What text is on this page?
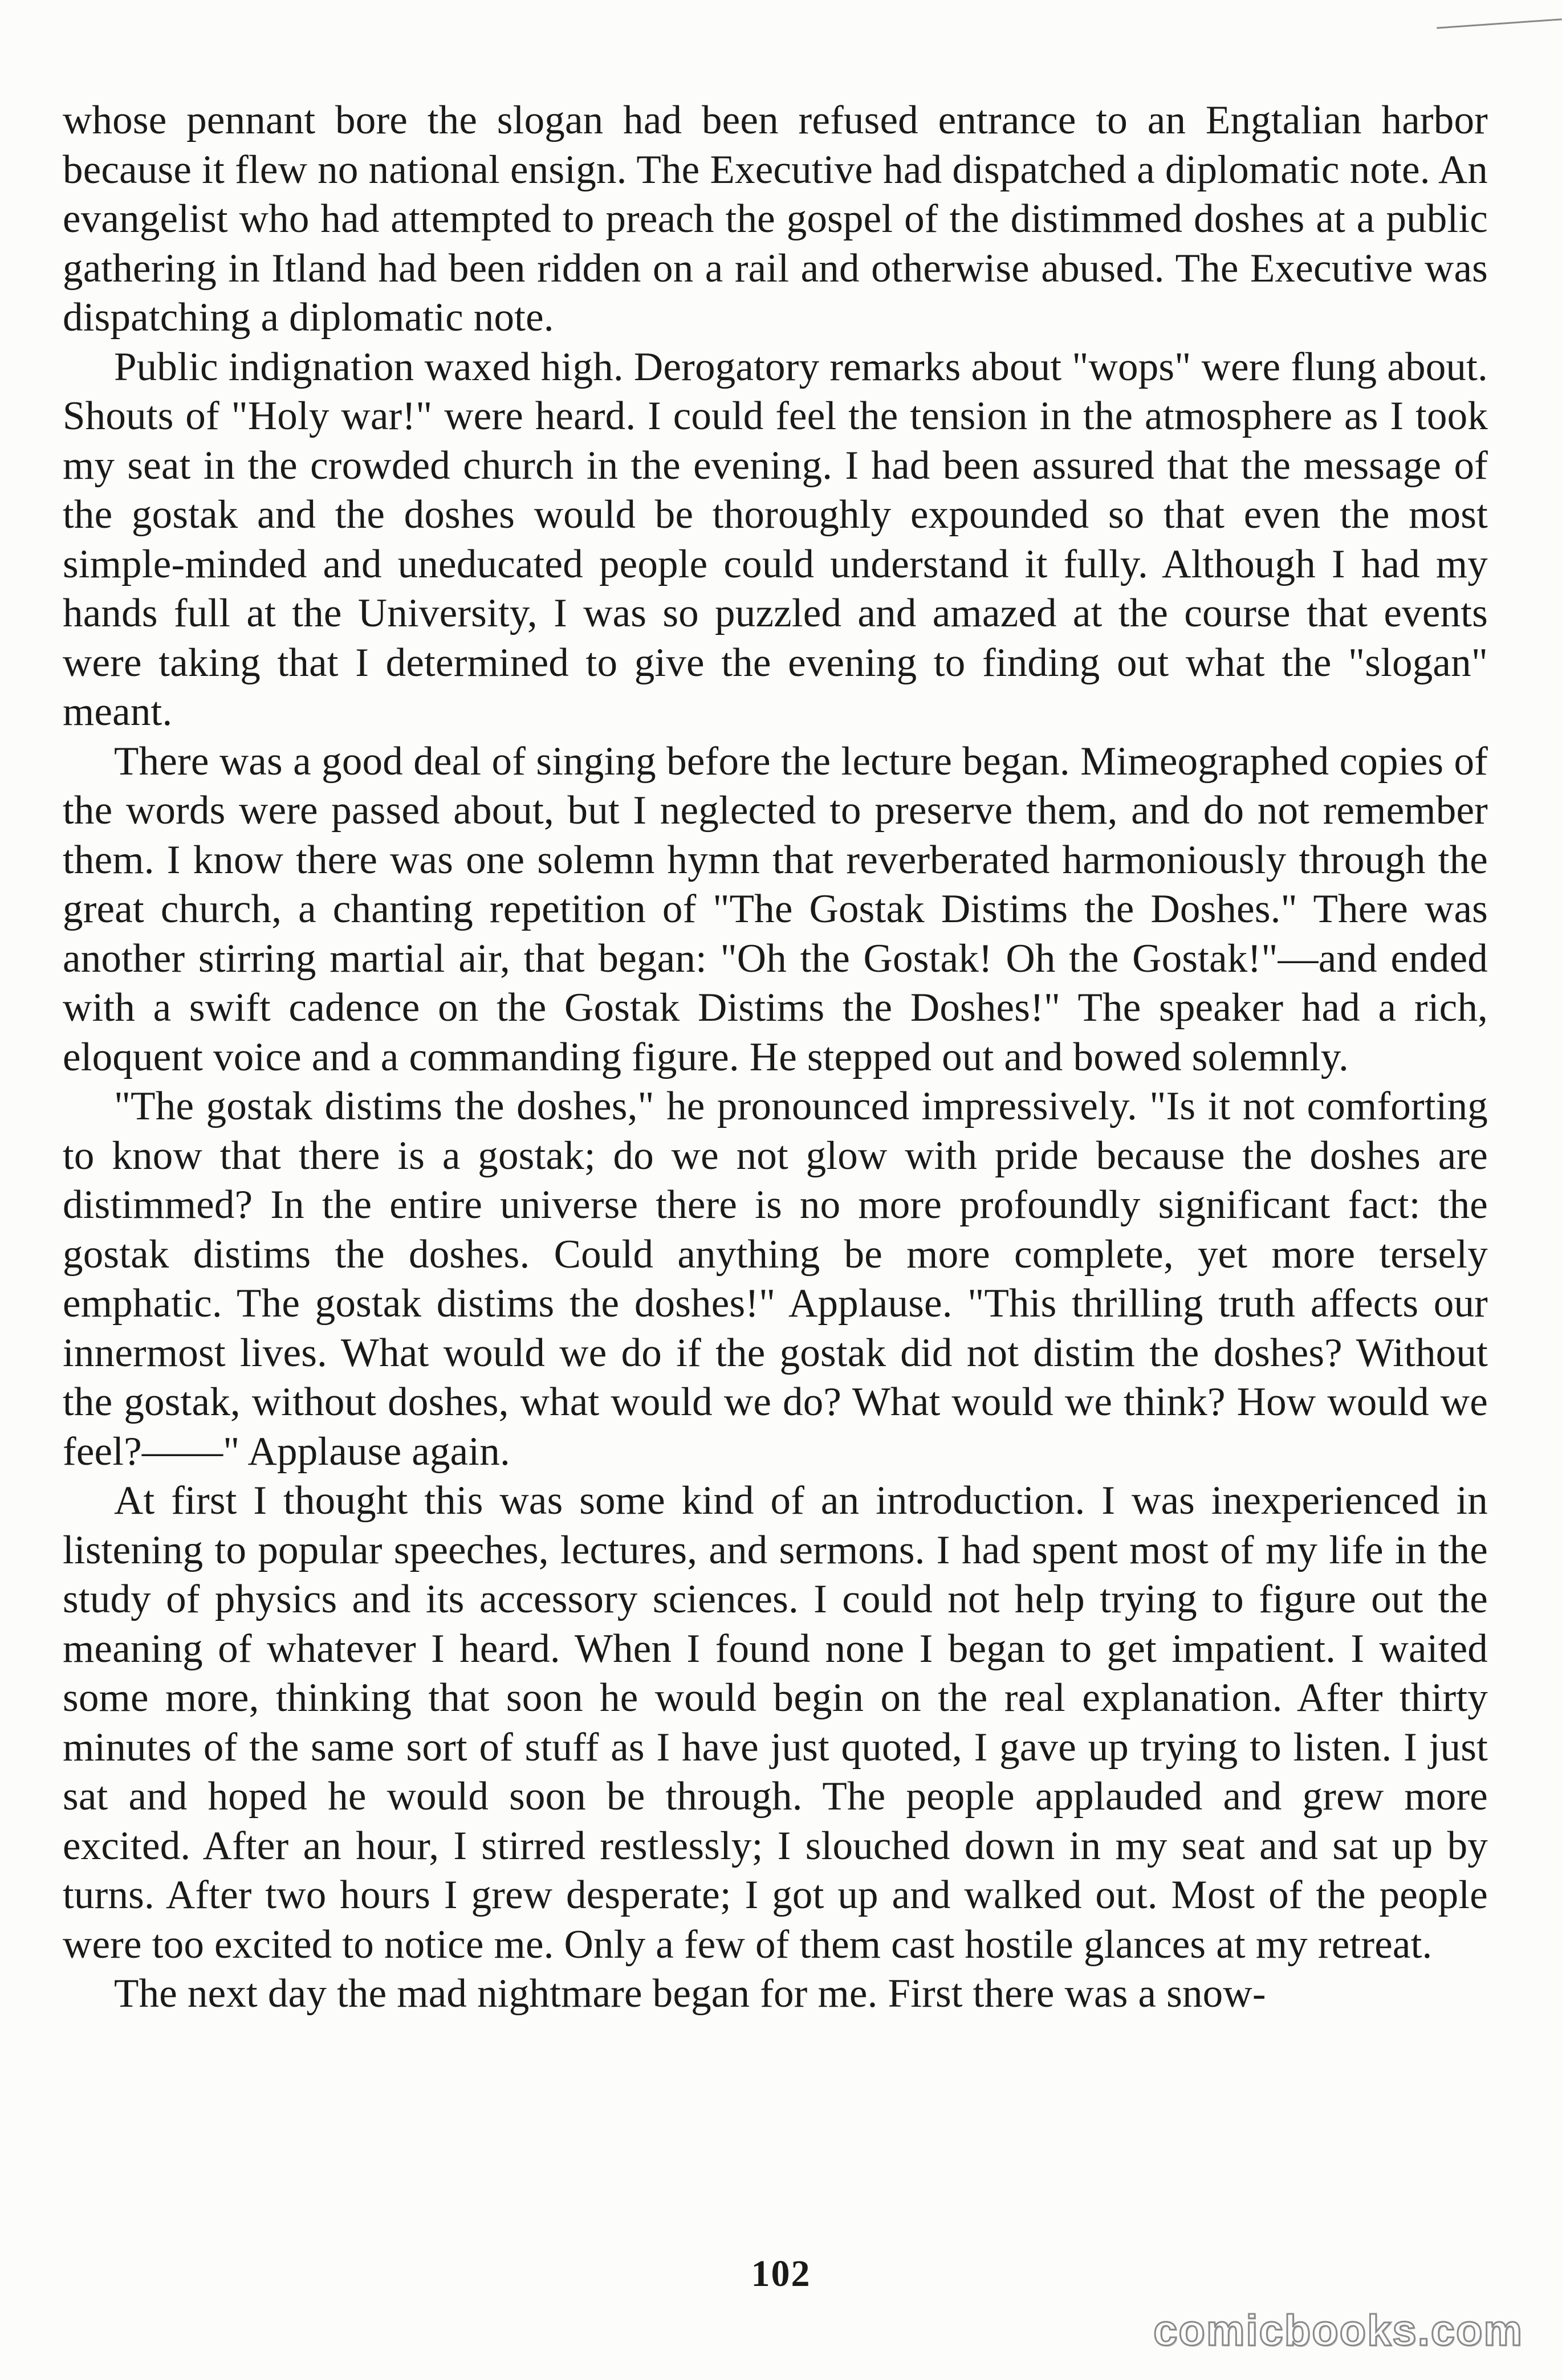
whose pennant bore the slogan had been refused entrance to an Engtalian harbor because it flew no national ensign. The Executive had dispatched a diplomatic note. An evangelist who had attempted to preach the gospel of the distimmed doshes at a public gathering in Itland had been ridden on a rail and otherwise abused. The Executive was dispatching a diplomatic note.

Public indignation waxed high. Derogatory remarks about "wops" were flung about. Shouts of "Holy war!" were heard. I could feel the tension in the atmosphere as I took my seat in the crowded church in the evening. I had been assured that the message of the gostak and the doshes would be thoroughly expounded so that even the most simple-minded and uneducated people could understand it fully. Although I had my hands full at the University, I was so puzzled and amazed at the course that events were taking that I determined to give the evening to finding out what the "slogan" meant.

There was a good deal of singing before the lecture began. Mimeographed copies of the words were passed about, but I neglected to preserve them, and do not remember them. I know there was one solemn hymn that reverberated harmoniously through the great church, a chanting repetition of "The Gostak Distims the Doshes." There was another stirring martial air, that began: "Oh the Gostak! Oh the Gostak!"—and ended with a swift cadence on the Gostak Distims the Doshes!" The speaker had a rich, eloquent voice and a commanding figure. He stepped out and bowed solemnly.

"The gostak distims the doshes," he pronounced impressively. "Is it not comforting to know that there is a gostak; do we not glow with pride because the doshes are distimmed? In the entire universe there is no more profoundly significant fact: the gostak distims the doshes. Could anything be more complete, yet more tersely emphatic. The gostak distims the doshes!" Applause. "This thrilling truth affects our innermost lives. What would we do if the gostak did not distim the doshes? Without the gostak, without doshes, what would we do? What would we think? How would we feel?——" Applause again.

At first I thought this was some kind of an introduction. I was inexperienced in listening to popular speeches, lectures, and sermons. I had spent most of my life in the study of physics and its accessory sciences. I could not help trying to figure out the meaning of whatever I heard. When I found none I began to get impatient. I waited some more, thinking that soon he would begin on the real explanation. After thirty minutes of the same sort of stuff as I have just quoted, I gave up trying to listen. I just sat and hoped he would soon be through. The people applauded and grew more excited. After an hour, I stirred restlessly; I slouched down in my seat and sat up by turns. After two hours I grew desperate; I got up and walked out. Most of the people were too excited to notice me. Only a few of them cast hostile glances at my retreat.

The next day the mad nightmare began for me. First there was a snow-

102
comicbooks.com
